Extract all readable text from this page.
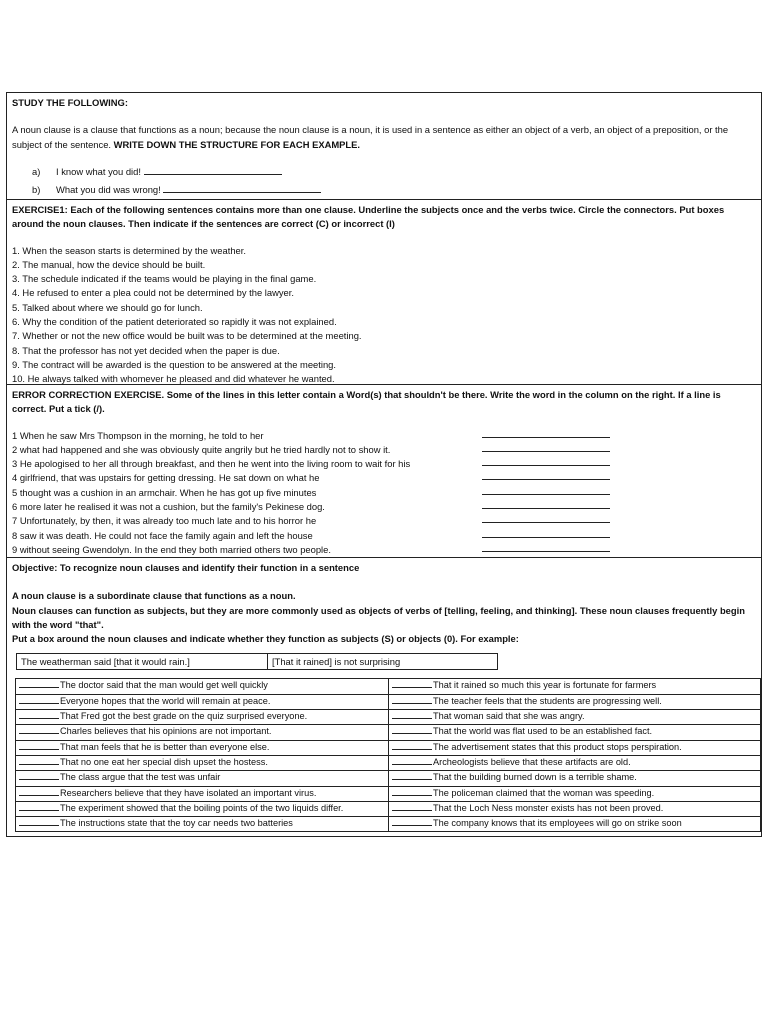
STUDY THE FOLLOWING:

A noun clause is a clause that functions as a noun; because the noun clause is a noun, it is used in a sentence as either an object of a verb, an object of a preposition, or the subject of the sentence. WRITE DOWN THE STRUCTURE FOR EACH EXAMPLE.

a) I know what you did!
b) What you did was wrong!

EXERCISE1: Each of the following sentences contains more than one clause. Underline the subjects once and the verbs twice. Circle the connectors. Put boxes around the noun clauses. Then indicate if the sentences are correct (C) or incorrect (I)

1. When the season starts is determined by the weather.
2. The manual, how the device should be built.
3. The schedule indicated if the teams would be playing in the final game.
4. He refused to enter a plea could not be determined by the lawyer.
5. Talked about where we should go for lunch.
6. Why the condition of the patient deteriorated so rapidly it was not explained.
7. Whether or not the new office would be built was to be determined at the meeting.
8. That the professor has not yet decided when the paper is due.
9. The contract will be awarded is the question to be answered at the meeting.
10. He always talked with whomever he pleased and did whatever he wanted.

ERROR CORRECTION EXERCISE. Some of the lines in this letter contain a Word(s) that shouldn't be there. Write the word in the column on the right. If a line is correct. Put a tick (/).

1 When he saw Mrs Thompson in the morning, he told to her
2 what had happened and she was obviously quite angrily but he tried hardly not to show it.
3 He apologised to her all through breakfast, and then he went into the living room to wait for his
4 girlfriend, that was upstairs for getting dressing. He sat down on what he
5 thought was a cushion in an armchair. When he has got up five minutes
6 more later he realised it was not a cushion, but the family's Pekinese dog.
7 Unfortunately, by then, it was already too much late and to his horror he
8 saw it was death. He could not face the family again and left the house
9 without seeing Gwendolyn. In the end they both married others two people.

Objective: To recognize noun clauses and identify their function in a sentence

A noun clause is a subordinate clause that functions as a noun.

Noun clauses can function as subjects, but they are more commonly used as objects of verbs of [telling, feeling, and thinking]. These noun clauses frequently begin with the word "that".

Put a box around the noun clauses and indicate whether they function as subjects (S) or objects (0). For example:

The weatherman said [that it would rain.]	[That it rained] is not surprising
The doctor said that the man would get well quickly	That it rained so much this year is fortunate for farmers
Everyone hopes that the world will remain at peace.	The teacher feels that the students are progressing well.
That Fred got the best grade on the quiz surprised everyone.	That woman said that she was angry.
Charles believes that his opinions are not important.	That the world was flat used to be an established fact.
That man feels that he is better than everyone else.	The advertisement states that this product stops perspiration.
That no one eat her special dish upset the hostess.	Archeologists believe that these artifacts are old.
The class argue that the test was unfair	That the building burned down is a terrible shame.
Researchers believe that they have isolated an important virus.	The policeman claimed that the woman was speeding.
The experiment showed that the boiling points of the two liquids differ.	That the Loch Ness monster exists has not been proved.
The instructions state that the toy car needs two batteries	The company knows that its employees will go on strike soon
